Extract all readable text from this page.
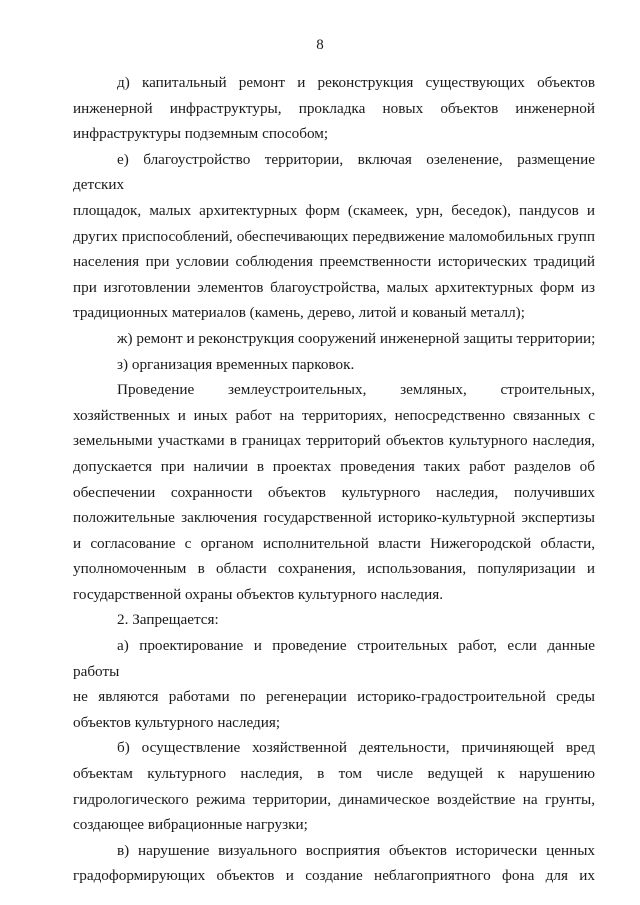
8
д) капитальный ремонт и реконструкция существующих объектов
инженерной инфраструктуры, прокладка новых объектов инженерной
инфраструктуры подземным способом;
е) благоустройство территории, включая озеленение, размещение детских
площадок, малых архитектурных форм (скамеек, урн, беседок), пандусов и
других приспособлений, обеспечивающих передвижение маломобильных групп
населения при условии соблюдения преемственности исторических традиций
при изготовлении элементов благоустройства, малых архитектурных форм из
традиционных материалов (камень, дерево, литой и кованый металл);
ж) ремонт и реконструкция сооружений инженерной защиты территории;
з) организация временных парковок.
Проведение землеустроительных, земляных, строительных,
хозяйственных и иных работ на территориях, непосредственно связанных с
земельными участками в границах территорий объектов культурного наследия,
допускается при наличии в проектах проведения таких работ разделов об
обеспечении сохранности объектов культурного наследия, получивших
положительные заключения государственной историко-культурной экспертизы
и согласование с органом исполнительной власти Нижегородской области,
уполномоченным в области сохранения, использования, популяризации и
государственной охраны объектов культурного наследия.
2. Запрещается:
а) проектирование и проведение строительных работ, если данные работы
не являются работами по регенерации историко-градостроительной среды
объектов культурного наследия;
б) осуществление хозяйственной деятельности, причиняющей вред
объектам культурного наследия, в том числе ведущей к нарушению
гидрологического режима территории, динамическое воздействие на грунты,
создающее вибрационные нагрузки;
в) нарушение визуального восприятия объектов исторически ценных
градоформирующих объектов и создание неблагоприятного фона для их
